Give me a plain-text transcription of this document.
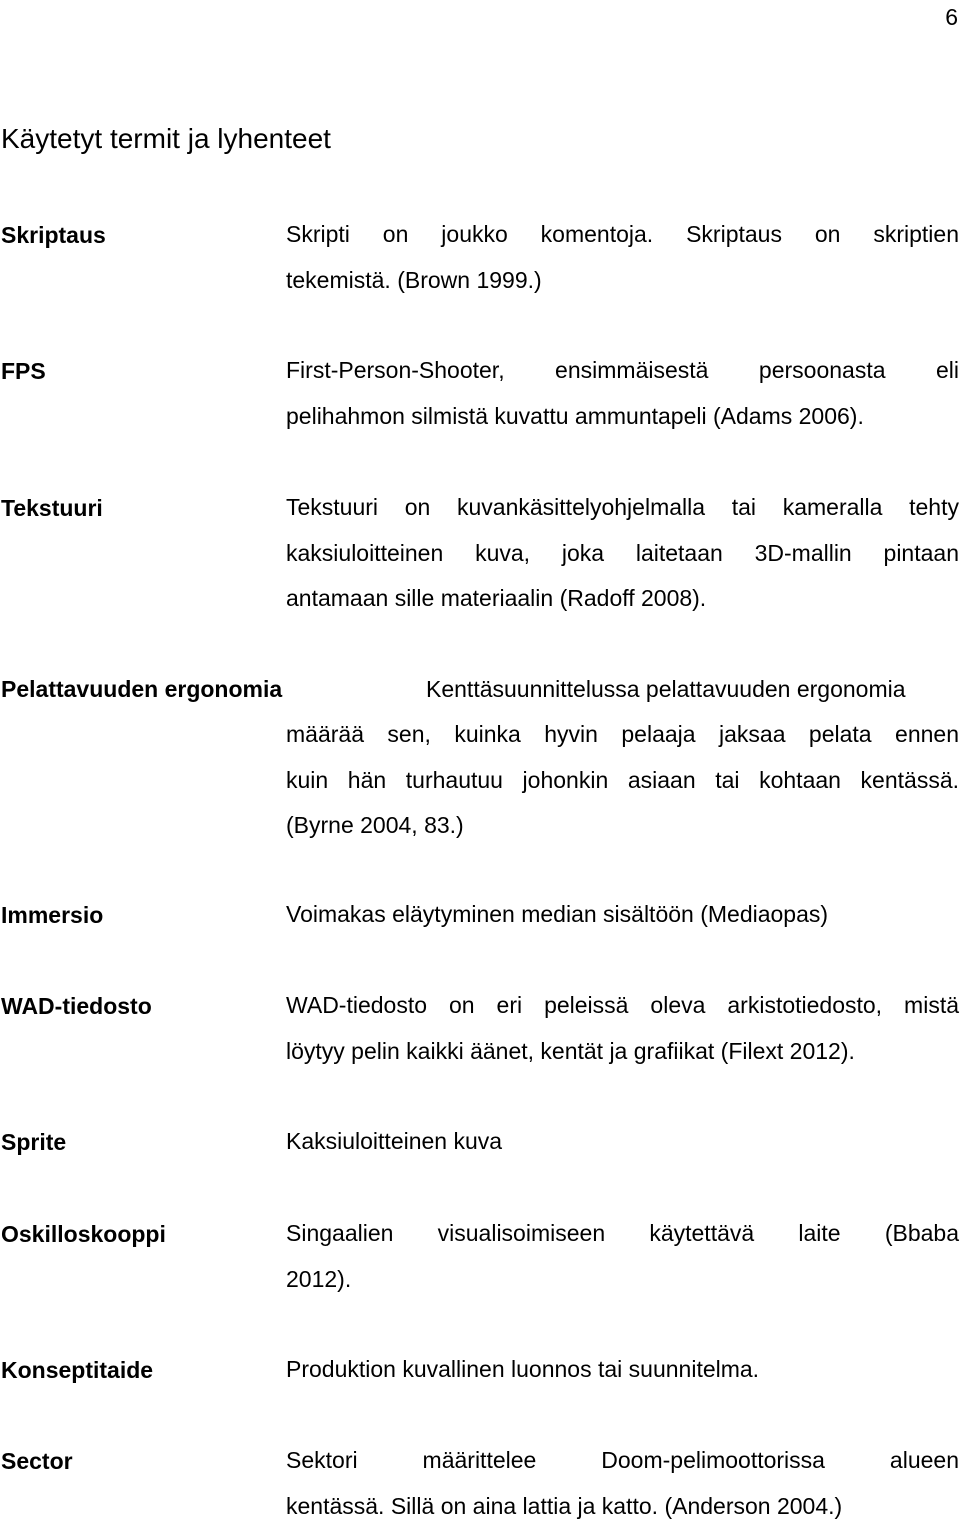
6
Käytetyt termit ja lyhenteet
Skriptaus	Skripti on joukko komentoja. Skriptaus on skriptien
tekemistä. (Brown 1999.)
FPS	First-Person-Shooter, ensimmäisestä persoonasta eli
pelihahmon silmistä kuvattu ammuntapeli (Adams 2006).
Tekstuuri	Tekstuuri on kuvankäsittelyohjelmalla tai kameralla tehty
kaksiuloitteinen kuva, joka laitetaan 3D-mallin pintaan
antamaan sille materiaalin (Radoff 2008).
Pelattavuuden ergonomia	Kenttäsuunnittelussa pelattavuuden ergonomia
määrää sen, kuinka hyvin pelaaja jaksaa pelata ennen
kuin hän turhautuu johonkin asiaan tai kohtaan kentässä.
(Byrne 2004, 83.)
Immersio	Voimakas eläytyminen median sisältöön (Mediaopas)
WAD-tiedosto	WAD-tiedosto on eri peleissä oleva arkistotiedosto, mistä
löytyy pelin kaikki äänet, kentät ja grafiikat (Filext 2012).
Sprite	Kaksiuloitteinen kuva
Oskilloskooppi	Singaalien visualisoimiseen käytettävä laite (Bbaba
2012).
Konseptitaide	Produktion kuvallinen luonnos tai suunnitelma.
Sector	Sektori määrittelee Doom-pelimoottorissa alueen
kentässä. Sillä on aina lattia ja katto. (Anderson 2004.)
